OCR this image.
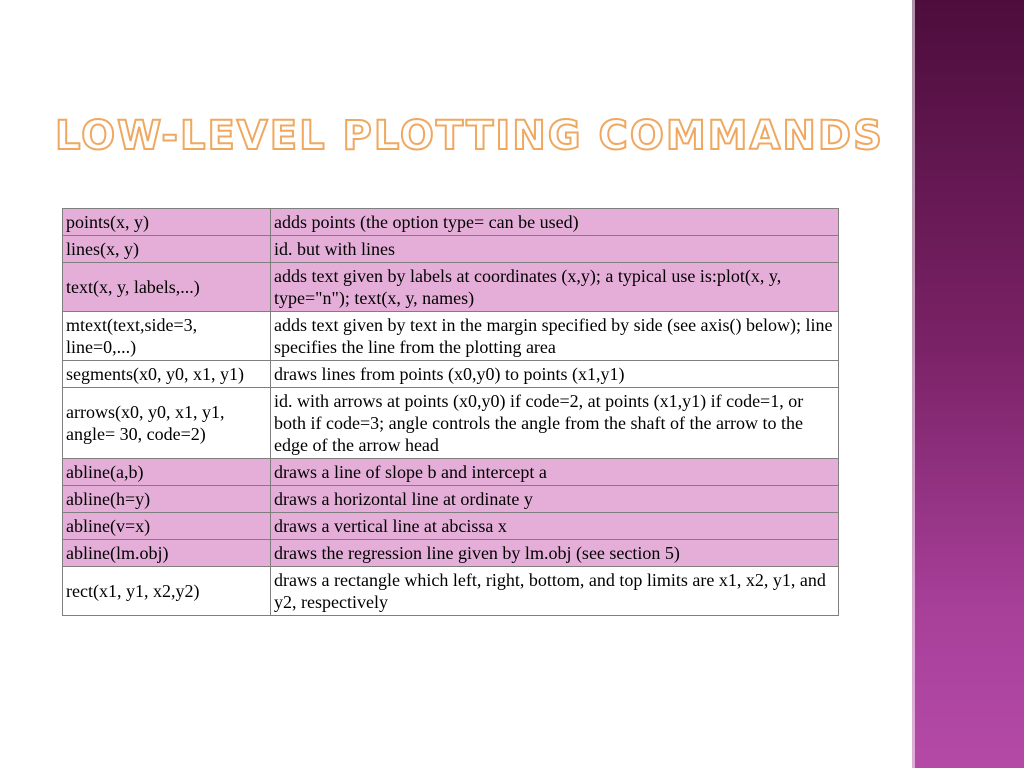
LOW-LEVEL PLOTTING COMMANDS
points(x, y)	adds points (the option type= can be used)
lines(x, y)	id. but with lines
text(x, y, labels,...)	adds text given by labels at coordinates (x,y); a typical use is:plot(x, y, type="n"); text(x, y, names)
mtext(text,side=3, line=0,...)	adds text given by text in the margin specified by side (see axis() below); line specifies the line from the plotting area
segments(x0, y0, x1, y1)	draws lines from points (x0,y0) to points (x1,y1)
arrows(x0, y0, x1, y1, angle= 30, code=2)	id. with arrows at points (x0,y0) if code=2, at points (x1,y1) if code=1, or both if code=3; angle controls the angle from the shaft of the arrow to the edge of the arrow head
abline(a,b)	draws a line of slope b and intercept a
abline(h=y)	draws a horizontal line at ordinate y
abline(v=x)	draws a vertical line at abcissa x
abline(lm.obj)	draws the regression line given by lm.obj (see section 5)
rect(x1, y1, x2,y2)	draws a rectangle which left, right, bottom, and top limits are x1, x2, y1, and y2, respectively
